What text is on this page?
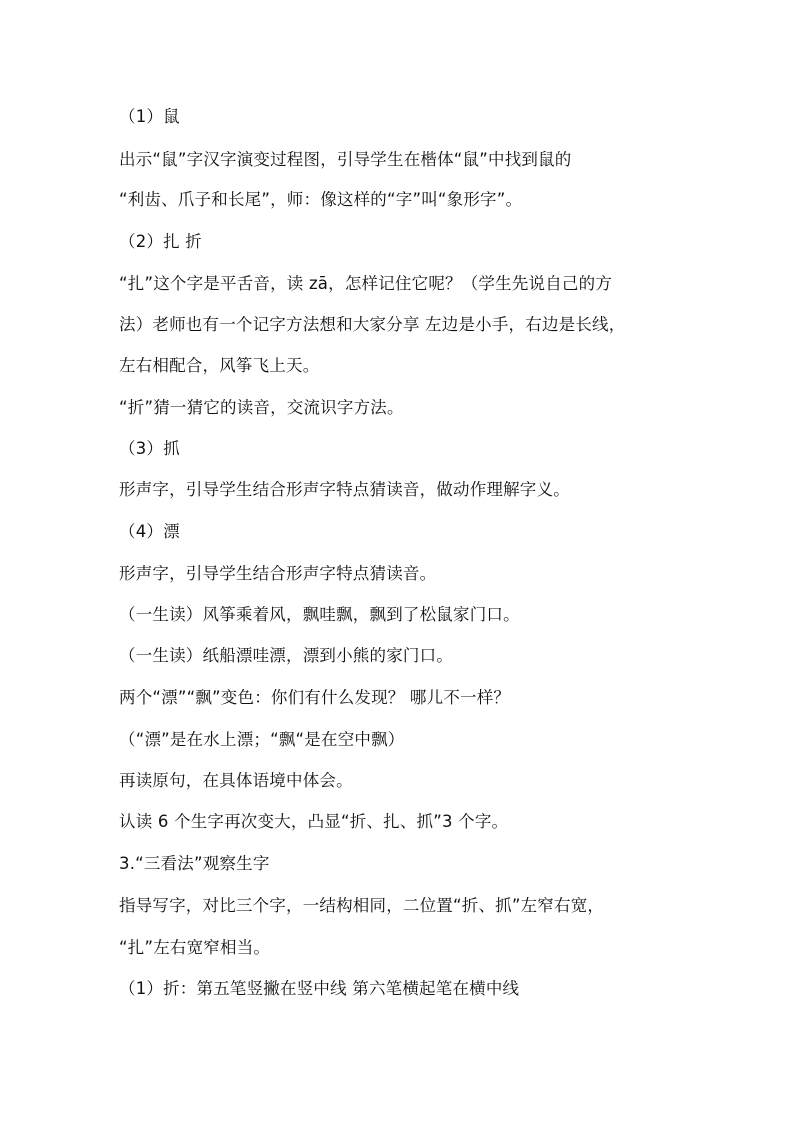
（1）鼠
出示“鼠”字汉字演变过程图，引导学生在楷体“鼠”中找到鼠的
“利齿、爪子和长尾”，师：像这样的“字”叫“象形字”。
（2）扎 折
“扎”这个字是平舌音，读 zā，怎样记住它呢？（学生先说自己的方
法）老师也有一个记字方法想和大家分享 左边是小手，右边是长线，
左右相配合，风筝飞上天。
“折”猜一猜它的读音，交流识字方法。
（3）抓
形声字，引导学生结合形声字特点猜读音，做动作理解字义。
（4）漂
形声字，引导学生结合形声字特点猜读音。
（一生读）风筝乘着风，飘哇飘，飘到了松鼠家门口。
（一生读）纸船漂哇漂，漂到小熊的家门口。
两个“漂”“飘”变色：你们有什么发现？ 哪儿不一样？
（“漂”是在水上漂；“飘“是在空中飘）
再读原句，在具体语境中体会。
认读 6 个生字再次变大，凸显“折、扎、抓”3 个字。
3.“三看法”观察生字
指导写字，对比三个字，一结构相同，二位置“折、抓”左窄右宽，
“扎”左右宽窄相当。
（1）折：第五笔竖撇在竖中线 第六笔横起笔在横中线
